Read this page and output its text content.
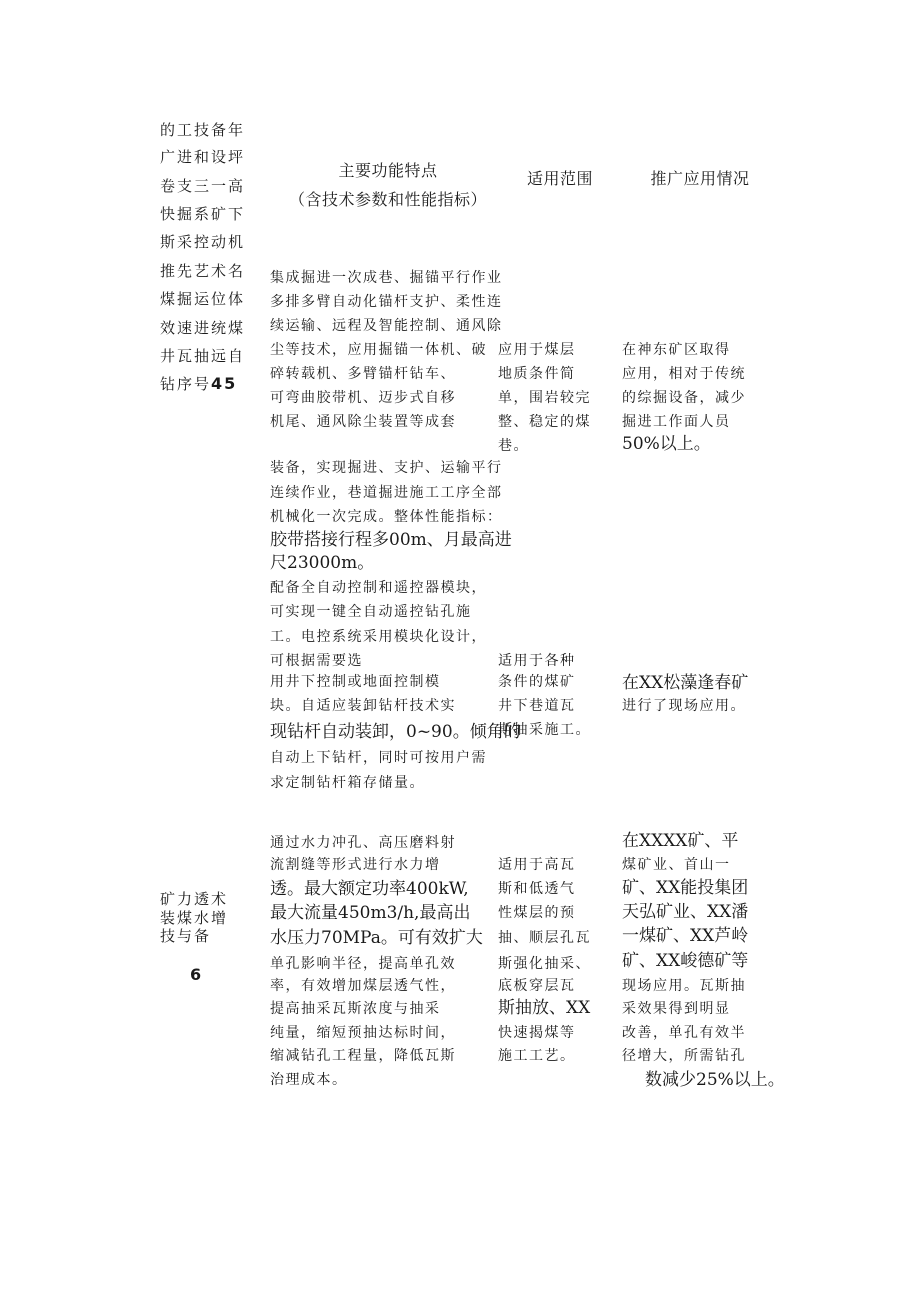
主要功能特点
（含技术参数和性能指标）
适用范围	推广应用情况
的工技备年
广进和设坪
卷支三一高
快掘系矿下
斯采控动机
推先艺术名
煤掘运位体
效速进统煤
井瓦抽远自
钻序号45
集成掘进一次成巷、掘锚平行作业
多排多臂自动化锚杆支护、柔性连
续运输、远程及智能控制、通风除
尘等技术，应用掘锚一体机、破
碎转载机、多臂锚杆钻车、
可弯曲胶带机、迈步式自移
机尾、通风除尘装置等成套
装备，实现掘进、支护、运输平行
连续作业，巷道掘进施工工序全部
机械化一次完成。整体性能指标：
胶带搭接行程多00m、月最高进
尺23000m。
配备全自动控制和遥控器模块，
可实现一键全自动遥控钻孔施
工。电控系统采用模块化设计，
可根据需要选
用井下控制或地面控制模
块。自适应装卸钻杆技术实
现钻杆自动装卸，0~90。倾角的
自动上下钻杆，同时可按用户需
求定制钻杆箱存储量。
应用于煤层
地质条件简
单，围岩较完
整、稳定的煤
巷。
适用于各种
条件的煤矿
井下巷道瓦
斯抽采施工。
在神东矿区取得
应用，相对于传统
的综掘设备，减少
掘进工作面人员
50%以上。
在XX松藻逢春矿
进行了现场应用。
矿力透术
装煤水增
技与备
6
通过水力冲孔、高压磨料射
流割缝等形式进行水力增
透。最大额定功率400kW,
最大流量450m3∕h,最高出
水压力70MPa。可有效扩大
单孔影响半径，提高单孔效
率，有效增加煤层透气性，
提高抽采瓦斯浓度与抽采
纯量，缩短预抽达标时间，
缩减钻孔工程量，降低瓦斯
治理成本。
适用于高瓦
斯和低透气
性煤层的预
抽、顺层孔瓦
斯强化抽采、
底板穿层瓦
斯抽放、XX
快速揭煤等
施工工艺。
在XXXX矿、平
煤矿业、首山一
矿、XX能投集团
天弘矿业、XX潘
一煤矿、XX芦岭
矿、XX峻德矿等
现场应用。瓦斯抽
采效果得到明显
改善，单孔有效半
径增大，所需钻孔
数减少25%以上。
